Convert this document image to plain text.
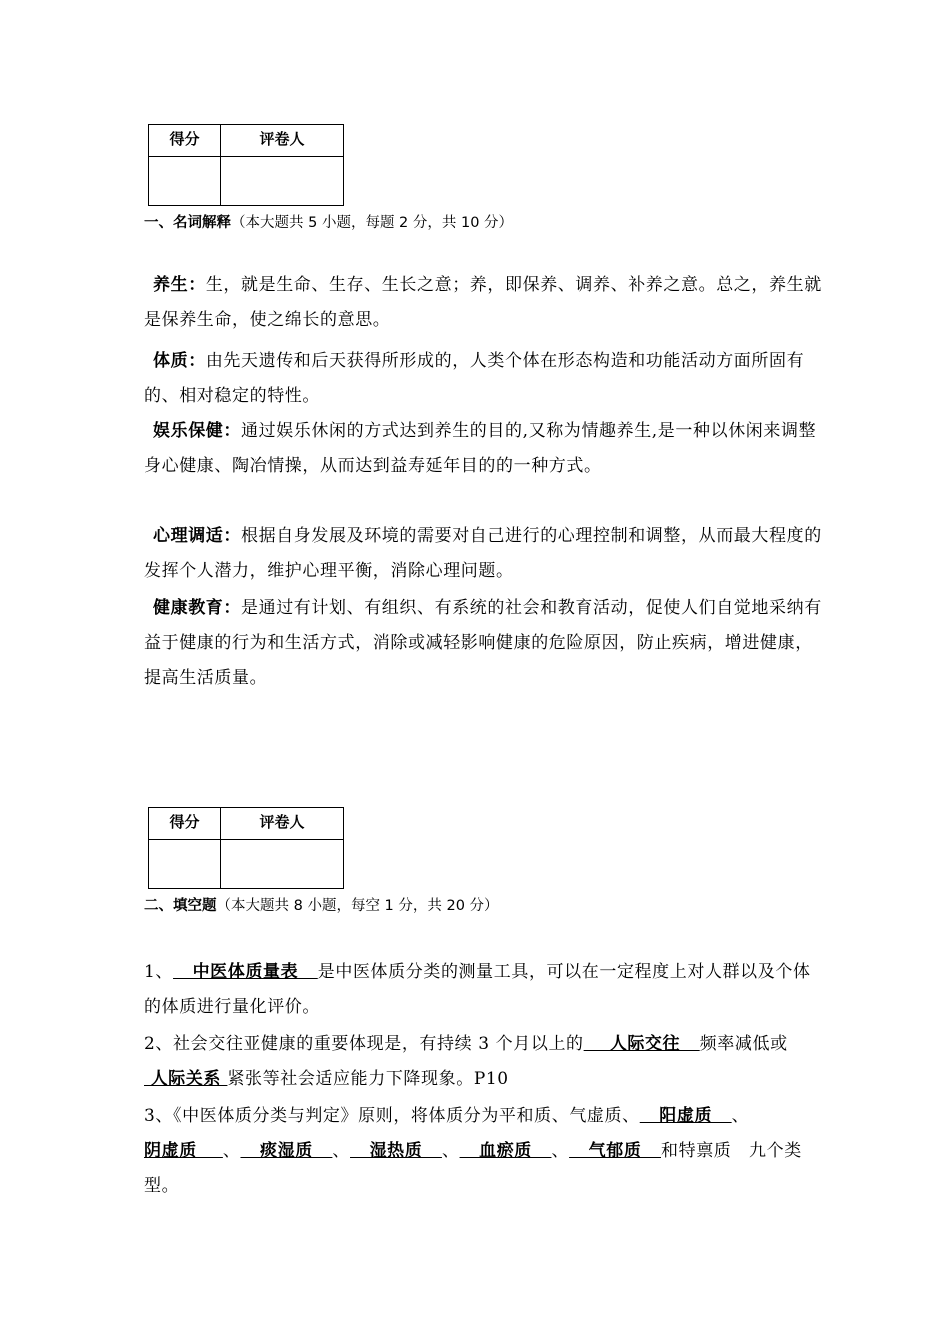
得分	评卷人

一、名词解释（本大题共 5 小题，每题 2 分，共 10 分）
养生：生，就是生命、生存、生长之意；养，即保养、调养、补养之意。总之，养生就是保养生命，使之绵长的意思。
体质：由先天遗传和后天获得所形成的，人类个体在形态构造和功能活动方面所固有的、相对稳定的特性。
娱乐保健：通过娱乐休闲的方式达到养生的目的,又称为情趣养生,是一种以休闲来调整身心健康、陶冶情操，从而达到益寿延年目的的一种方式。
心理调适：根据自身发展及环境的需要对自己进行的心理控制和调整，从而最大程度的发挥个人潜力，维护心理平衡，消除心理问题。
健康教育：是通过有计划、有组织、有系统的社会和教育活动，促使人们自觉地采纳有益于健康的行为和生活方式，消除或减轻影响健康的危险原因，防止疾病，增进健康，提高生活质量。
得分	评卷人

二、填空题（本大题共 8 小题，每空 1 分，共 20 分）
1、   中医体质量表   是中医体质分类的测量工具，可以在一定程度上对人群以及个体的体质进行量化评价。
2、社会交往亚健康的重要体现是，有持续 3 个月以上的    人际交往   频率减低或 人际关系 紧张等社会适应能力下降现象。P10
3、《中医体质分类与判定》原则，将体质分为平和质、气虚质、   阳虚质   、阴虚质    、   痰湿质   、   湿热质   、   血瘀质   、   气郁质   和特禀质　九个类型。
